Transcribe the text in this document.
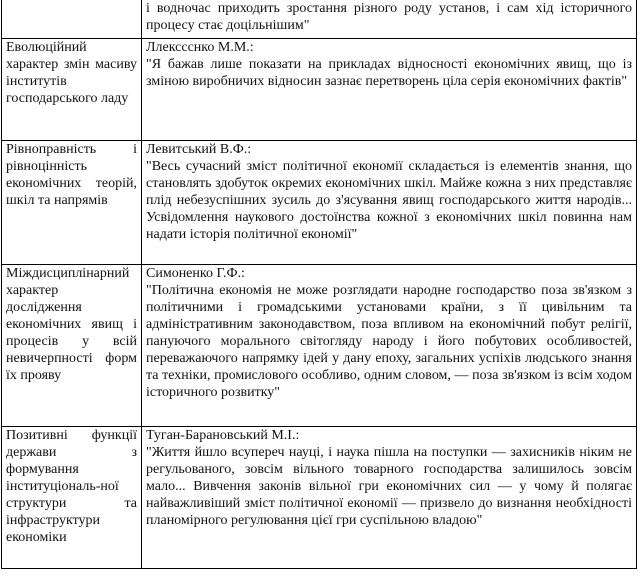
	і водночас приходить зростання різного роду установ, і сам хід історичного процесу стає доцільнішим"

Еволюційний характер змін масиву інститутів господарського ладу	Ллекссснко М.М.:
"Я бажав лише показати на прикладах відносності економічних явищ, що із зміною виробничих відносин зазнає перетворень ціла серія економічних фактів"

Рівноправність і рівноцінність економічних теорій, шкіл та напрямів	Левитський В.Ф.:
"Весь сучасний зміст політичної економії складається із елементів знання, що становлять здобуток окремих економічних шкіл. Майже кожна з них представляє плід небезуспішних зусиль до з'ясування явищ господарського життя народів... Усвідомлення наукового достоїнства кожної з економічних шкіл повинна нам надати історія політичної економії"

Міждисциплінарний характер дослідження економічних явищ і процесів у всій невичерпності форм їх прояву	Симоненко Г.Ф.:
"Політична економія не може розглядати народне господарство поза зв'язком з політичними і громадськими установами країни, з її цивільним та адміністративним законодавством, поза впливом на економічний побут релігії, пануючого морального світогляду народу і його побутових особливостей, переважаючого напрямку ідей у дану епоху, загальних успіхів людського знання та техніки, промислового особливо, одним словом, — поза зв'язком із всім ходом історичного розвитку"

Позитивні функції держави з формування інституціональ-ної структури та інфраструктури економіки	Туган-Барановський М.І.:
"Життя йшло всупереч науці, і наука пішла на поступки — захисників ніким не регульованого, зовсім вільного товарного господарства залишилось зовсім мало... Вивчення законів вільної гри економічних сил — у чому й полягає найважливіший зміст політичної економії — призвело до визнання необхідності планомірного регулювання цієї гри суспільною владою"
